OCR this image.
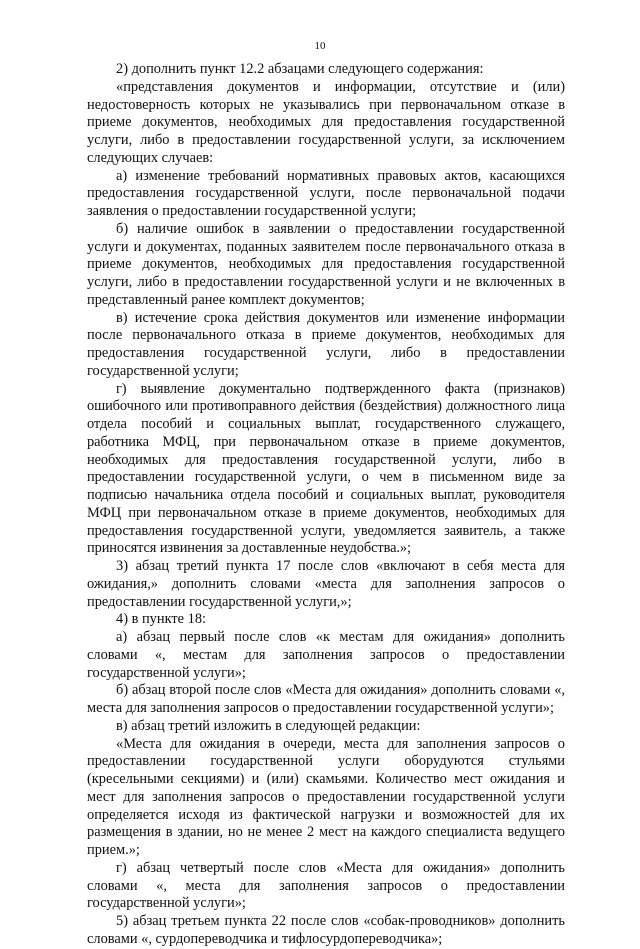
10

2) дополнить пункт 12.2 абзацами следующего содержания:

«представления документов и информации, отсутствие и (или) недостоверность которых не указывались при первоначальном отказе в приеме документов, необходимых для предоставления государственной услуги, либо в предоставлении государственной услуги, за исключением следующих случаев:

а) изменение требований нормативных правовых актов, касающихся предоставления государственной услуги, после первоначальной подачи заявления о предоставлении государственной услуги;

б) наличие ошибок в заявлении о предоставлении государственной услуги и документах, поданных заявителем после первоначального отказа в приеме документов, необходимых для предоставления государственной услуги, либо в предоставлении государственной услуги и не включенных в представленный ранее комплект документов;

в) истечение срока действия документов или изменение информации после первоначального отказа в приеме документов, необходимых для предоставления государственной услуги, либо в предоставлении государственной услуги;

г) выявление документально подтвержденного факта (признаков) ошибочного или противоправного действия (бездействия) должностного лица отдела пособий и социальных выплат, государственного служащего, работника МФЦ, при первоначальном отказе в приеме документов, необходимых для предоставления государственной услуги, либо в предоставлении государственной услуги, о чем в письменном виде за подписью начальника отдела пособий и социальных выплат, руководителя МФЦ при первоначальном отказе в приеме документов, необходимых для предоставления государственной услуги, уведомляется заявитель, а также приносятся извинения за доставленные неудобства.»;

3) абзац третий пункта 17 после слов «включают в себя места для ожидания,» дополнить словами «места для заполнения запросов о предоставлении государственной услуги,»;

4) в пункте 18:

а) абзац первый после слов «к местам для ожидания» дополнить словами «, местам для заполнения запросов о предоставлении государственной услуги»;

б) абзац второй после слов «Места для ожидания» дополнить словами «, места для заполнения запросов о предоставлении государственной услуги»;

в) абзац третий изложить в следующей редакции:

«Места для ожидания в очереди, места для заполнения запросов о предоставлении государственной услуги оборудуются стульями (кресельными секциями) и (или) скамьями. Количество мест ожидания и мест для заполнения запросов о предоставлении государственной услуги определяется исходя из фактической нагрузки и возможностей для их размещения в здании, но не менее 2 мест на каждого специалиста ведущего прием.»;

г) абзац четвертый после слов «Места для ожидания» дополнить словами «, места для заполнения запросов о предоставлении государственной услуги»;

5) абзац третьем пункта 22 после слов «собак-проводников» дополнить словами «, сурдопереводчика и тифлосурдопереводчика»;
